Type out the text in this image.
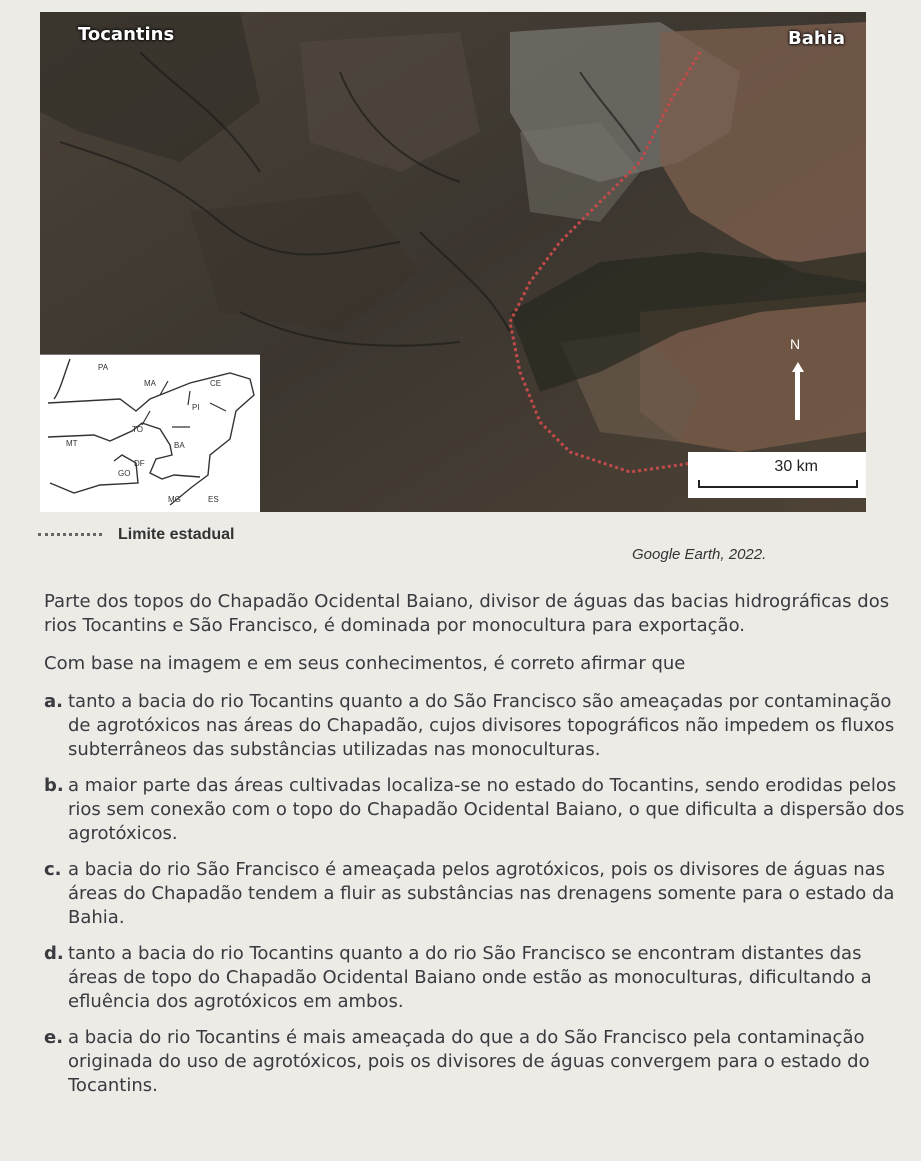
Tocantins	Bahia
PA
MA	CE
PI
TO
BA
MT
DF
GO
MG	ES
N
30 km
Limite estadual
Google Earth, 2022.

Parte dos topos do Chapadão Ocidental Baiano, divisor de águas das bacias hidrográficas dos rios Tocantins e São Francisco, é dominada por monocultura para exportação.

Com base na imagem e em seus conhecimentos, é correto afirmar que

a. tanto a bacia do rio Tocantins quanto a do São Francisco são ameaçadas por contaminação de agrotóxicos nas áreas do Chapadão, cujos divisores topográficos não impedem os fluxos subterrâneos das substâncias utilizadas nas monoculturas.
b. a maior parte das áreas cultivadas localiza-se no estado do Tocantins, sendo erodidas pelos rios sem conexão com o topo do Chapadão Ocidental Baiano, o que dificulta a dispersão dos agrotóxicos.
c. a bacia do rio São Francisco é ameaçada pelos agrotóxicos, pois os divisores de águas nas áreas do Chapadão tendem a fluir as substâncias nas drenagens somente para o estado da Bahia.
d. tanto a bacia do rio Tocantins quanto a do rio São Francisco se encontram distantes das áreas de topo do Chapadão Ocidental Baiano onde estão as monoculturas, dificultando a efluência dos agrotóxicos em ambos.
e. a bacia do rio Tocantins é mais ameaçada do que a do São Francisco pela contaminação originada do uso de agrotóxicos, pois os divisores de águas convergem para o estado do Tocantins.
